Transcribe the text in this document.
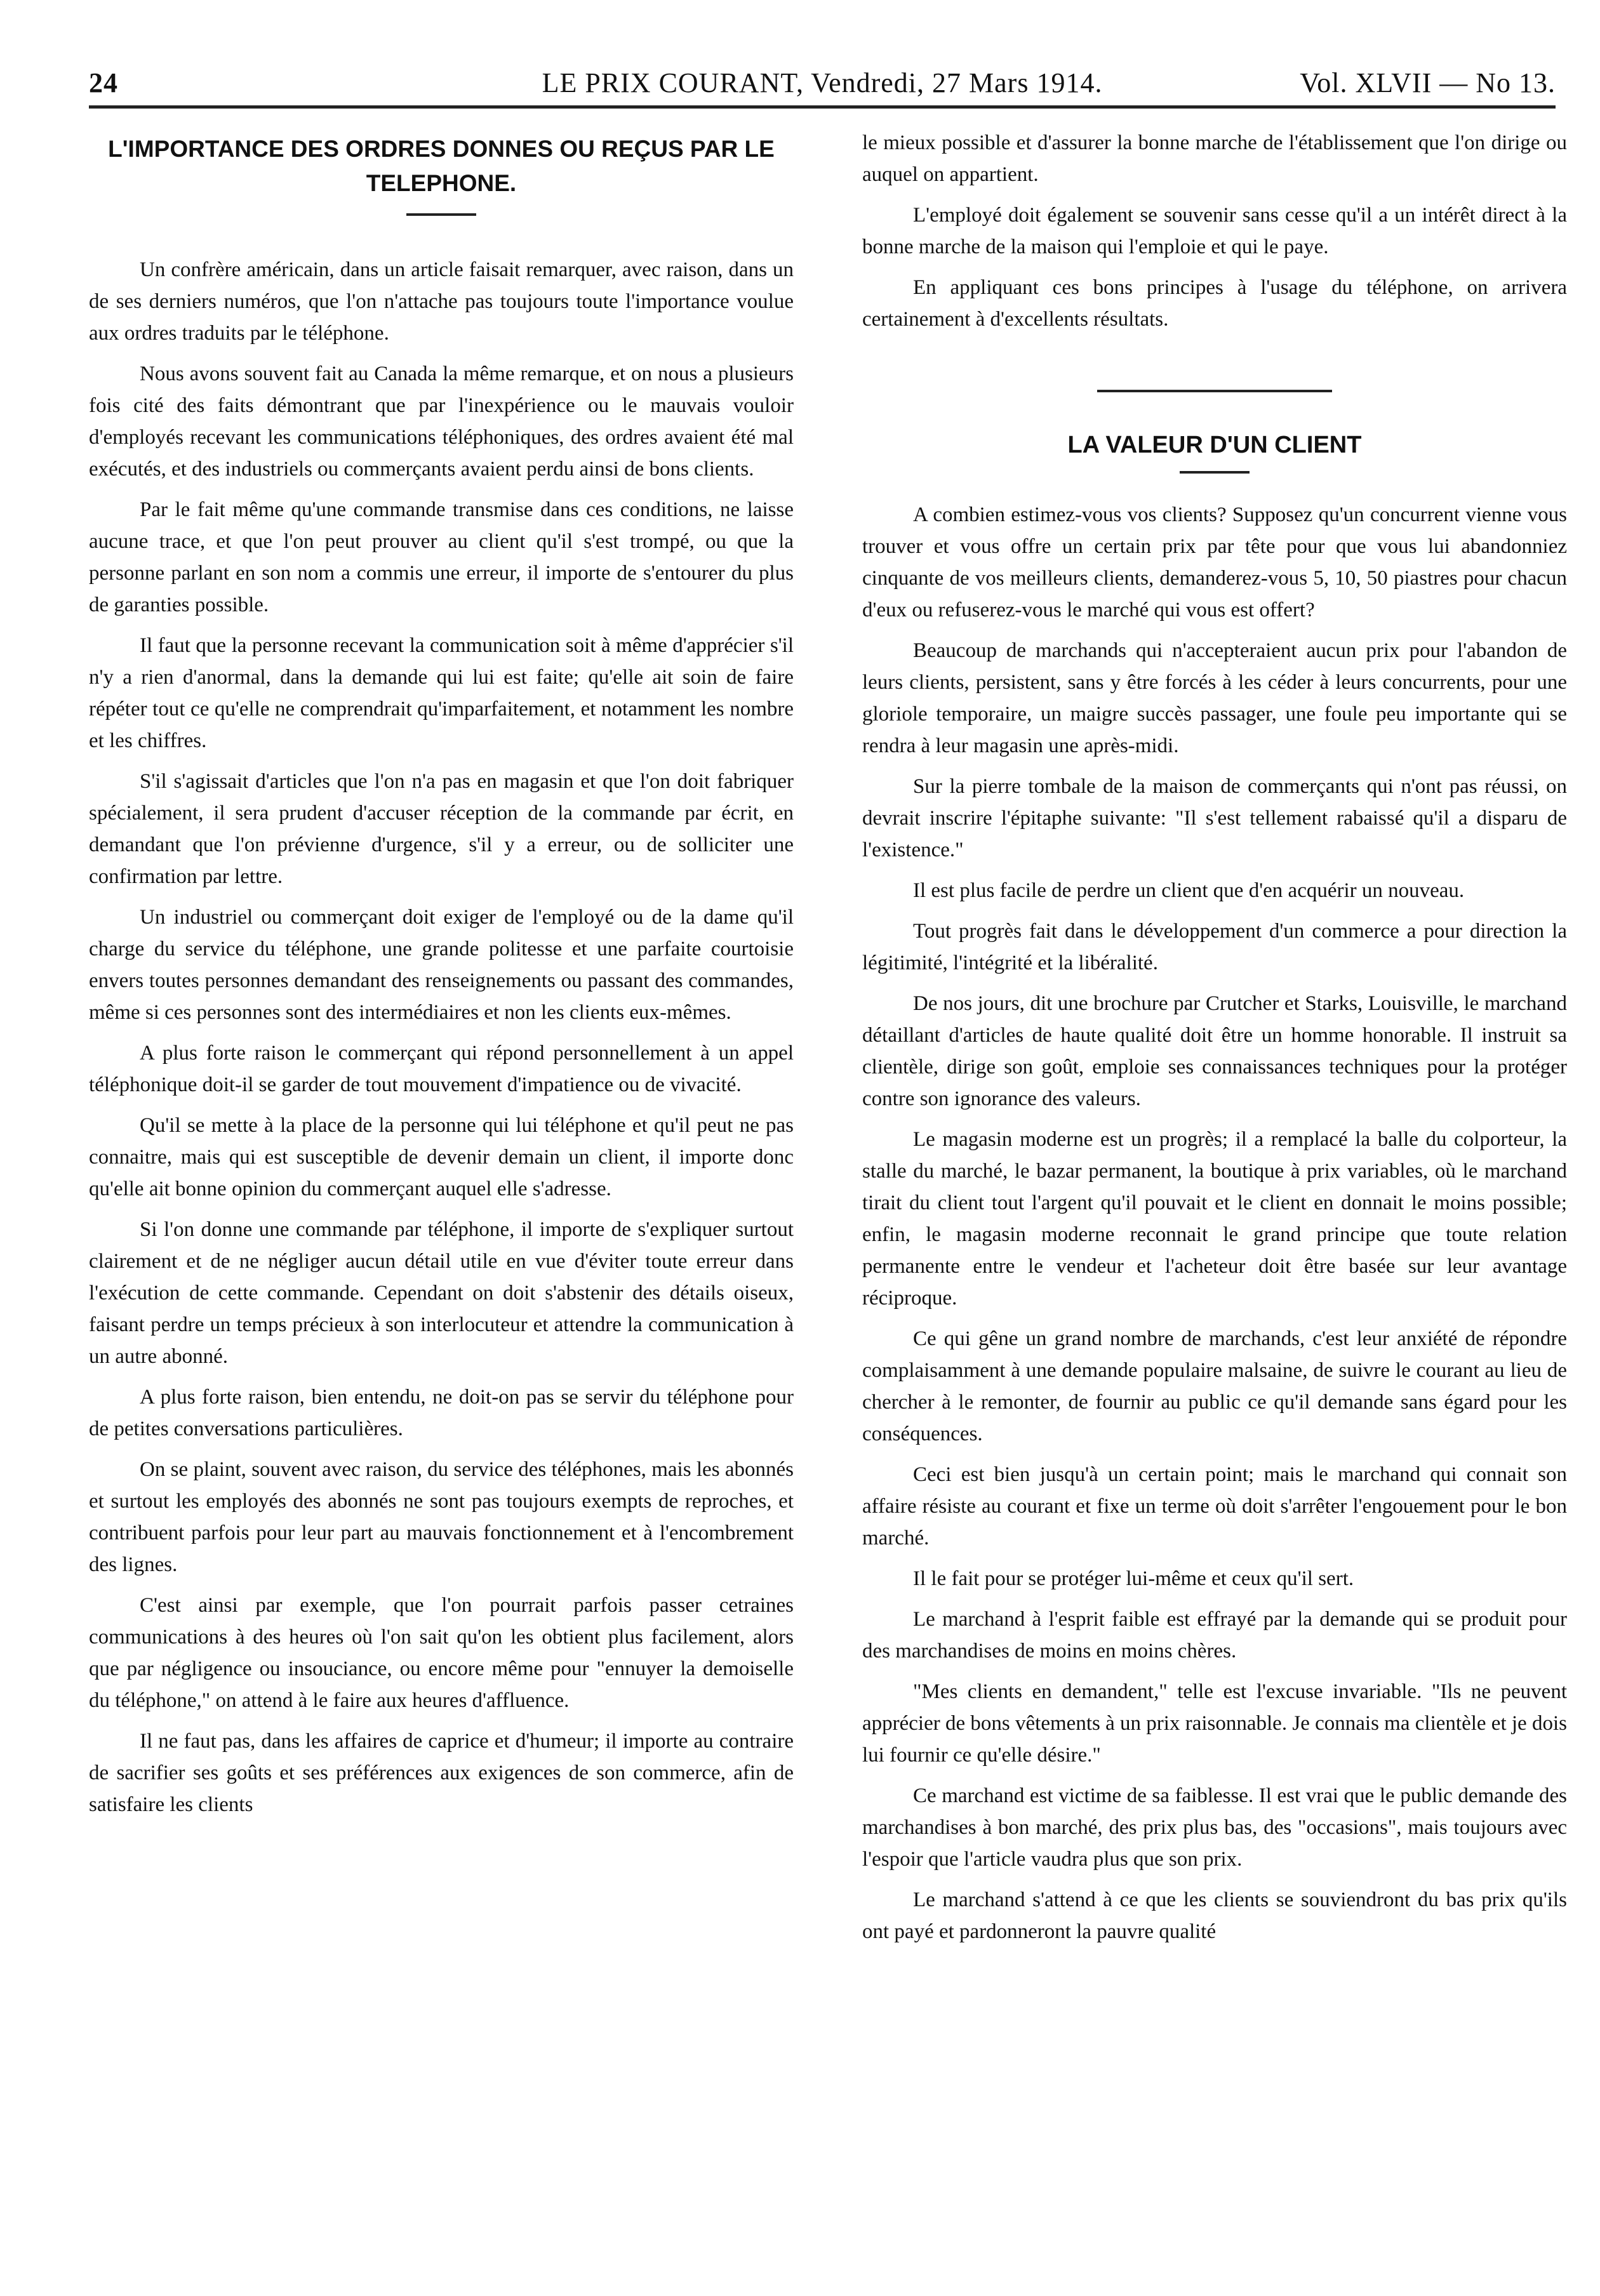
24	LE PRIX COURANT, Vendredi, 27 Mars 1914.	Vol. XLVII — No 13.
L'IMPORTANCE DES ORDRES DONNES OU REÇUS PAR LE TELEPHONE.

Un confrère américain, dans un article faisait remarquer, avec raison, dans un de ses derniers numéros, que l'on n'attache pas toujours toute l'importance voulue aux ordres traduits par le téléphone.

Nous avons souvent fait au Canada la même remarque, et on nous a plusieurs fois cité des faits démontrant que par l'inexpérience ou le mauvais vouloir d'employés recevant les communications téléphoniques, des ordres avaient été mal exécutés, et des industriels ou commerçants avaient perdu ainsi de bons clients.

Par le fait même qu'une commande transmise dans ces conditions, ne laisse aucune trace, et que l'on peut prouver au client qu'il s'est trompé, ou que la personne parlant en son nom a commis une erreur, il importe de s'entourer du plus de garanties possible.

Il faut que la personne recevant la communication soit à même d'apprécier s'il n'y a rien d'anormal, dans la demande qui lui est faite; qu'elle ait soin de faire répéter tout ce qu'elle ne comprendrait qu'imparfaitement, et notamment les nombre et les chiffres.

S'il s'agissait d'articles que l'on n'a pas en magasin et que l'on doit fabriquer spécialement, il sera prudent d'accuser réception de la commande par écrit, en demandant que l'on prévienne d'urgence, s'il y a erreur, ou de solliciter une confirmation par lettre.

Un industriel ou commerçant doit exiger de l'employé ou de la dame qu'il charge du service du téléphone, une grande politesse et une parfaite courtoisie envers toutes personnes demandant des renseignements ou passant des commandes, même si ces personnes sont des intermédiaires et non les clients eux-mêmes.

A plus forte raison le commerçant qui répond personnellement à un appel téléphonique doit-il se garder de tout mouvement d'impatience ou de vivacité.

Qu'il se mette à la place de la personne qui lui téléphone et qu'il peut ne pas connaitre, mais qui est susceptible de devenir demain un client, il importe donc qu'elle ait bonne opinion du commerçant auquel elle s'adresse.

Si l'on donne une commande par téléphone, il importe de s'expliquer surtout clairement et de ne négliger aucun détail utile en vue d'éviter toute erreur dans l'exécution de cette commande. Cependant on doit s'abstenir des détails oiseux, faisant perdre un temps précieux à son interlocuteur et attendre la communication à un autre abonné.

A plus forte raison, bien entendu, ne doit-on pas se servir du téléphone pour de petites conversations particulières.

On se plaint, souvent avec raison, du service des téléphones, mais les abonnés et surtout les employés des abonnés ne sont pas toujours exempts de reproches, et contribuent parfois pour leur part au mauvais fonctionnement et à l'encombrement des lignes.

C'est ainsi par exemple, que l'on pourrait parfois passer cetraines communications à des heures où l'on sait qu'on les obtient plus facilement, alors que par négligence ou insouciance, ou encore même pour "ennuyer la demoiselle du téléphone," on attend à le faire aux heures d'affluence.

Il ne faut pas, dans les affaires de caprice et d'humeur; il importe au contraire de sacrifier ses goûts et ses préférences aux exigences de son commerce, afin de satisfaire les clients

le mieux possible et d'assurer la bonne marche de l'établissement que l'on dirige ou auquel on appartient.

L'employé doit également se souvenir sans cesse qu'il a un intérêt direct à la bonne marche de la maison qui l'emploie et qui le paye.

En appliquant ces bons principes à l'usage du téléphone, on arrivera certainement à d'excellents résultats.

LA VALEUR D'UN CLIENT

A combien estimez-vous vos clients? Supposez qu'un concurrent vienne vous trouver et vous offre un certain prix par tête pour que vous lui abandonniez cinquante de vos meilleurs clients, demanderez-vous 5, 10, 50 piastres pour chacun d'eux ou refuserez-vous le marché qui vous est offert?

Beaucoup de marchands qui n'accepteraient aucun prix pour l'abandon de leurs clients, persistent, sans y être forcés à les céder à leurs concurrents, pour une gloriole temporaire, un maigre succès passager, une foule peu importante qui se rendra à leur magasin une après-midi.

Sur la pierre tombale de la maison de commerçants qui n'ont pas réussi, on devrait inscrire l'épitaphe suivante: "Il s'est tellement rabaissé qu'il a disparu de l'existence."

Il est plus facile de perdre un client que d'en acquérir un nouveau.

Tout progrès fait dans le développement d'un commerce a pour direction la légitimité, l'intégrité et la libéralité.

De nos jours, dit une brochure par Crutcher et Starks, Louisville, le marchand détaillant d'articles de haute qualité doit être un homme honorable. Il instruit sa clientèle, dirige son goût, emploie ses connaissances techniques pour la protéger contre son ignorance des valeurs.

Le magasin moderne est un progrès; il a remplacé la balle du colporteur, la stalle du marché, le bazar permanent, la boutique à prix variables, où le marchand tirait du client tout l'argent qu'il pouvait et le client en donnait le moins possible; enfin, le magasin moderne reconnait le grand principe que toute relation permanente entre le vendeur et l'acheteur doit être basée sur leur avantage réciproque.

Ce qui gêne un grand nombre de marchands, c'est leur anxiété de répondre complaisamment à une demande populaire malsaine, de suivre le courant au lieu de chercher à le remonter, de fournir au public ce qu'il demande sans égard pour les conséquences.

Ceci est bien jusqu'à un certain point; mais le marchand qui connait son affaire résiste au courant et fixe un terme où doit s'arrêter l'engouement pour le bon marché.

Il le fait pour se protéger lui-même et ceux qu'il sert.

Le marchand à l'esprit faible est effrayé par la demande qui se produit pour des marchandises de moins en moins chères.

"Mes clients en demandent," telle est l'excuse invariable. "Ils ne peuvent apprécier de bons vêtements à un prix raisonnable. Je connais ma clientèle et je dois lui fournir ce qu'elle désire."

Ce marchand est victime de sa faiblesse. Il est vrai que le public demande des marchandises à bon marché, des prix plus bas, des "occasions", mais toujours avec l'espoir que l'article vaudra plus que son prix.

Le marchand s'attend à ce que les clients se souviendront du bas prix qu'ils ont payé et pardonneront la pauvre qualité
